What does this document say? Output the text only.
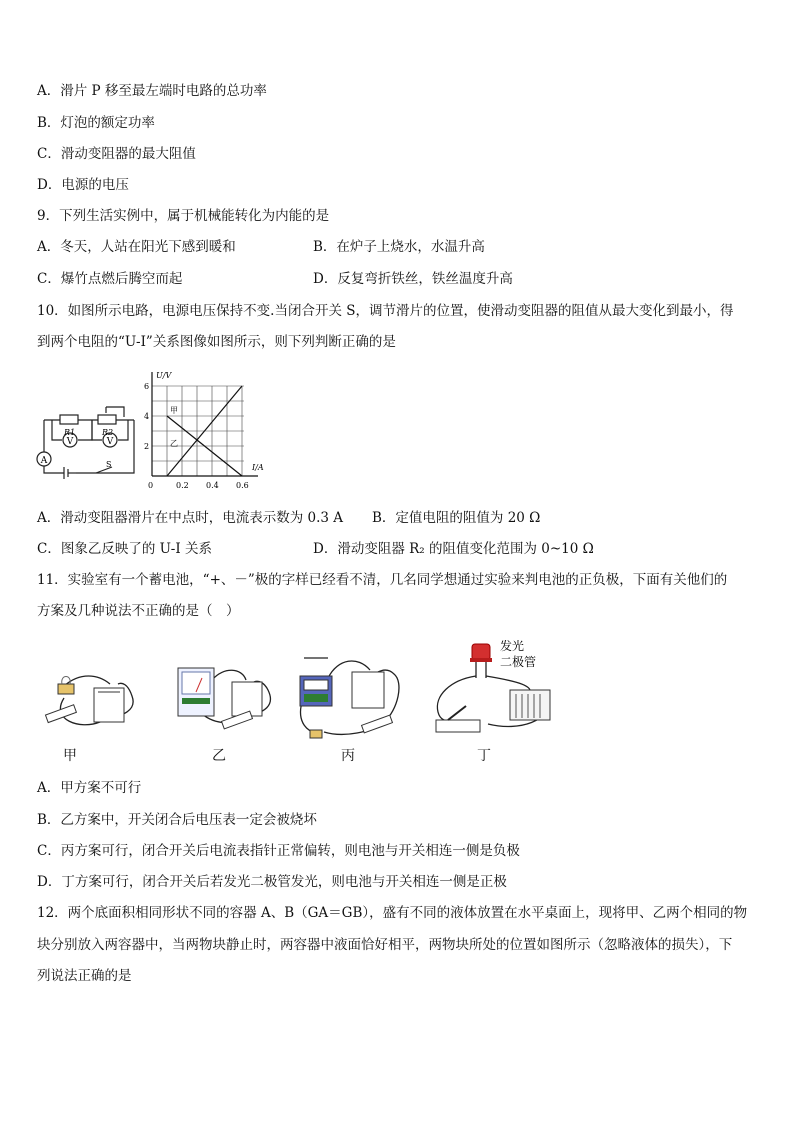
A．滑片 P 移至最左端时电路的总功率
B．灯泡的额定功率
C．滑动变阻器的最大阻值
D．电源的电压
9．下列生活实例中，属于机械能转化为内能的是
A．冬天，人站在阳光下感到暖和	B．在炉子上烧水，水温升高
C．爆竹点燃后腾空而起	D．反复弯折铁丝，铁丝温度升高
10．如图所示电路，电源电压保持不变.当闭合开关 S，调节滑片的位置，使滑动变阻器的阻值从最大变化到最小，得
到两个电阻的“U-I”关系图像如图所示，则下列判断正确的是
V	V
A
R1	R2
S
U/V
I/A
6
4
2
0	0.2 0.4 0.6
甲
乙
A．滑动变阻器滑片在中点时，电流表示数为 0.3 A B．定值电阻的阻值为 20 Ω
C．图象乙反映了的 U-I 关系	D．滑动变阻器 R₂ 的阻值变化范围为 0~10 Ω
11．实验室有一个蓄电池，“+、－”极的字样已经看不清，几名同学想通过实验来判电池的正负极，下面有关他们的
方案及几种说法不正确的是（　）
甲	乙	丙
发光
二极管
丁
A．甲方案不可行
B．乙方案中，开关闭合后电压表一定会被烧坏
C．丙方案可行，闭合开关后电流表指针正常偏转，则电池与开关相连一侧是负极
D．丁方案可行，闭合开关后若发光二极管发光，则电池与开关相连一侧是正极
12．两个底面积相同形状不同的容器 A、B（GA＝GB），盛有不同的液体放置在水平桌面上，现将甲、乙两个相同的物
块分别放入两容器中，当两物块静止时，两容器中液面恰好相平，两物块所处的位置如图所示（忽略液体的损失），下
列说法正确的是
